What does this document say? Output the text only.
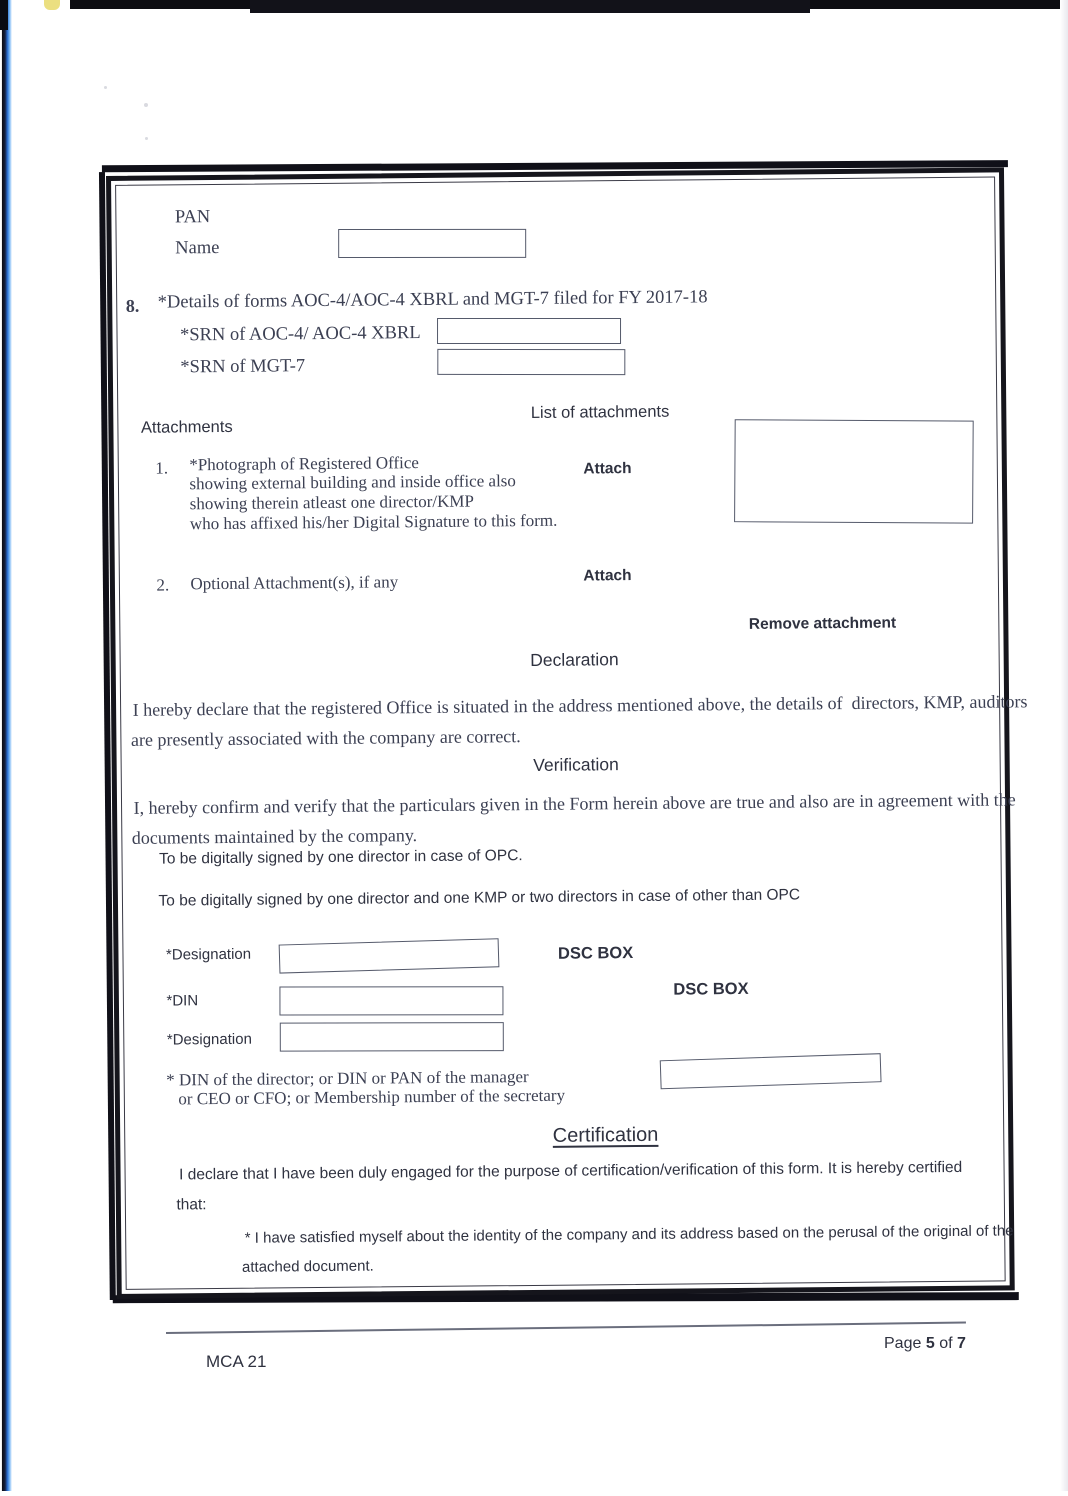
PAN
Name
8. *Details of forms AOC-4/AOC-4 XBRL and MGT-7 filed for FY 2017-18
*SRN of AOC-4/ AOC-4 XBRL
*SRN of MGT-7
Attachments
List of attachments
1. *Photograph of Registered Office
showing external building and inside office also
showing therein atleast one director/KMP
who has affixed his/her Digital Signature to this form.
Attach
2. Optional Attachment(s), if any	Attach
Remove attachment
Declaration
I hereby declare that the registered Office is situated in the address mentioned above, the details of  directors, KMP, auditors
are presently associated with the company are correct.
Verification
I, hereby confirm and verify that the particulars given in the Form herein above are true and also are in agreement with the
documents maintained by the company.
To be digitally signed by one director in case of OPC.
To be digitally signed by one director and one KMP or two directors in case of other than OPC
*Designation
*DIN
*Designation
DSC BOX
DSC BOX
* DIN of the director; or DIN or PAN of the manager
or CEO or CFO; or Membership number of the secretary
Certification
I declare that I have been duly engaged for the purpose of certification/verification of this form. It is hereby certified
that:
* I have satisfied myself about the identity of the company and its address based on the perusal of the original of the
attached document.
MCA 21
Page 5 of 7
